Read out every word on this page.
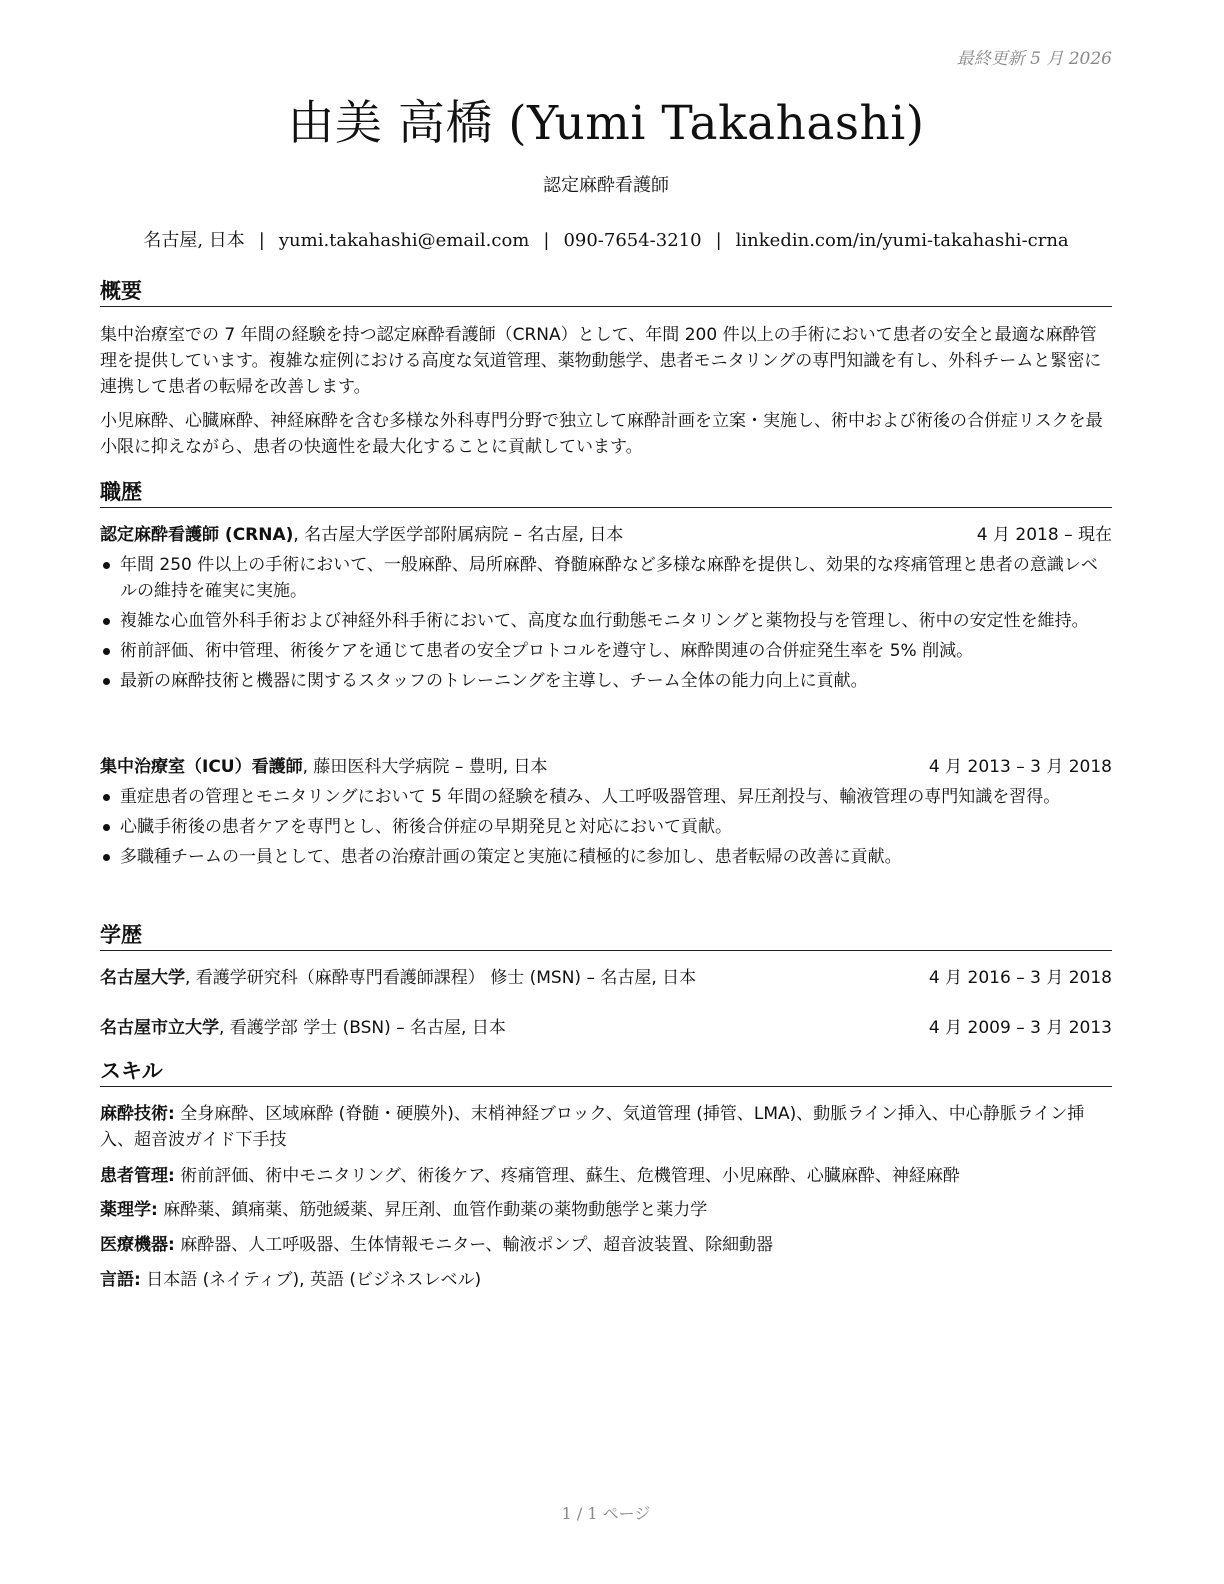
最終更新 5 月 2026
由美 高橋 (Yumi Takahashi)
認定麻酔看護師
名古屋, 日本 | yumi.takahashi@email.com | 090-7654-3210 | linkedin.com/in/yumi-takahashi-crna
概要
集中治療室での 7 年間の経験を持つ認定麻酔看護師（CRNA）として、年間 200 件以上の手術において患者の安全と最適な麻酔管理を提供しています。複雑な症例における高度な気道管理、薬物動態学、患者モニタリングの専門知識を有し、外科チームと緊密に連携して患者の転帰を改善します。
小児麻酔、心臓麻酔、神経麻酔を含む多様な外科専門分野で独立して麻酔計画を立案・実施し、術中および術後の合併症リスクを最小限に抑えながら、患者の快適性を最大化することに貢献しています。
職歴
認定麻酔看護師 (CRNA), 名古屋大学医学部附属病院 – 名古屋, 日本	4 月 2018 – 現在
年間 250 件以上の手術において、一般麻酔、局所麻酔、脊髄麻酔など多様な麻酔を提供し、効果的な疼痛管理と患者の意識レベルの維持を確実に実施。
複雑な心血管外科手術および神経外科手術において、高度な血行動態モニタリングと薬物投与を管理し、術中の安定性を維持。
術前評価、術中管理、術後ケアを通じて患者の安全プロトコルを遵守し、麻酔関連の合併症発生率を 5% 削減。
最新の麻酔技術と機器に関するスタッフのトレーニングを主導し、チーム全体の能力向上に貢献。
集中治療室（ICU）看護師, 藤田医科大学病院 – 豊明, 日本	4 月 2013 – 3 月 2018
重症患者の管理とモニタリングにおいて 5 年間の経験を積み、人工呼吸器管理、昇圧剤投与、輸液管理の専門知識を習得。
心臓手術後の患者ケアを専門とし、術後合併症の早期発見と対応において貢献。
多職種チームの一員として、患者の治療計画の策定と実施に積極的に参加し、患者転帰の改善に貢献。
学歴
名古屋大学, 看護学研究科（麻酔専門看護師課程） 修士 (MSN) – 名古屋, 日本	4 月 2016 – 3 月 2018
名古屋市立大学, 看護学部 学士 (BSN) – 名古屋, 日本	4 月 2009 – 3 月 2013
スキル
麻酔技術: 全身麻酔、区域麻酔 (脊髄・硬膜外)、末梢神経ブロック、気道管理 (挿管、LMA)、動脈ライン挿入、中心静脈ライン挿入、超音波ガイド下手技
患者管理: 術前評価、術中モニタリング、術後ケア、疼痛管理、蘇生、危機管理、小児麻酔、心臓麻酔、神経麻酔
薬理学: 麻酔薬、鎮痛薬、筋弛緩薬、昇圧剤、血管作動薬の薬物動態学と薬力学
医療機器: 麻酔器、人工呼吸器、生体情報モニター、輸液ポンプ、超音波装置、除細動器
言語: 日本語 (ネイティブ), 英語 (ビジネスレベル)
1 / 1 ページ
